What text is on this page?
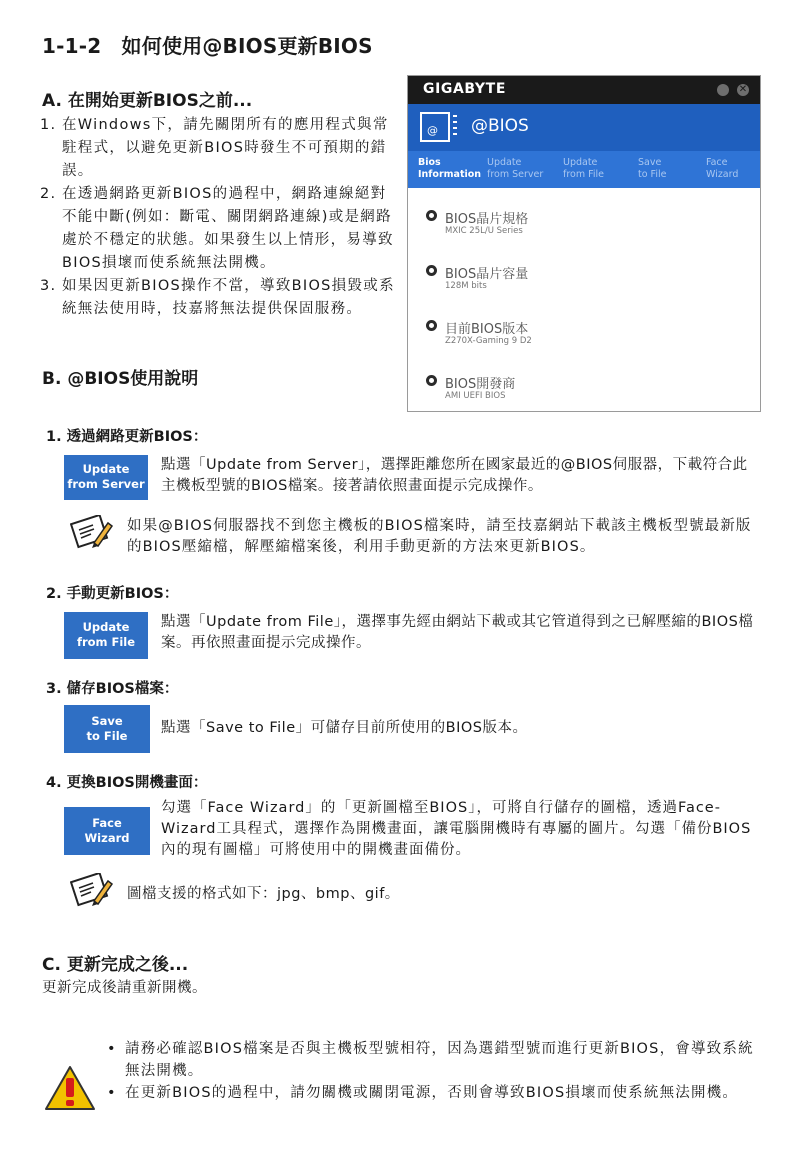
1-1-2　如何使用@BIOS更新BIOS
A. 在開始更新BIOS之前...
1. 在Windows下，請先關閉所有的應用程式與常駐程式，以避免更新BIOS時發生不可預期的錯誤。
2. 在透過網路更新BIOS的過程中，網路連線絕對不能中斷(例如：斷電、關閉網路連線)或是網路處於不穩定的狀態。如果發生以上情形，易導致BIOS損壞而使系統無法開機。
3. 如果因更新BIOS操作不當，導致BIOS損毀或系統無法使用時，技嘉將無法提供保固服務。
GIGABYTE	✕
@ @BIOS
Bios
Information
Update
from Server
Update
from File
Save
to File
Face
Wizard
BIOS晶片規格
MXIC 25L/U Series
BIOS晶片容量
128M bits
目前BIOS版本
Z270X-Gaming 9 D2
BIOS開發商
AMI UEFI BIOS
B. @BIOS使用說明
1. 透過網路更新BIOS：
Update
from Server
點選「Update from Server」，選擇距離您所在國家最近的@BIOS伺服器，下載符合此主機板型號的BIOS檔案。接著請依照畫面提示完成操作。
如果@BIOS伺服器找不到您主機板的BIOS檔案時，請至技嘉網站下載該主機板型號最新版的BIOS壓縮檔，解壓縮檔案後，利用手動更新的方法來更新BIOS。
2. 手動更新BIOS：
Update
from File
點選「Update from File」，選擇事先經由網站下載或其它管道得到之已解壓縮的BIOS檔案。再依照畫面提示完成操作。
3. 儲存BIOS檔案：
Save
to File	點選「Save to File」可儲存目前所使用的BIOS版本。
4. 更換BIOS開機畫面：
Face
Wizard
勾選「Face Wizard」的「更新圖檔至BIOS」，可將自行儲存的圖檔，透過Face-Wizard工具程式，選擇作為開機畫面，讓電腦開機時有專屬的圖片。勾選「備份BIOS內的現有圖檔」可將使用中的開機畫面備份。
圖檔支援的格式如下：jpg、bmp、gif。
C. 更新完成之後...
更新完成後請重新開機。
• 請務必確認BIOS檔案是否與主機板型號相符，因為選錯型號而進行更新BIOS，會導致系統無法開機。
• 在更新BIOS的過程中，請勿關機或關閉電源，否則會導致BIOS損壞而使系統無法開機。
